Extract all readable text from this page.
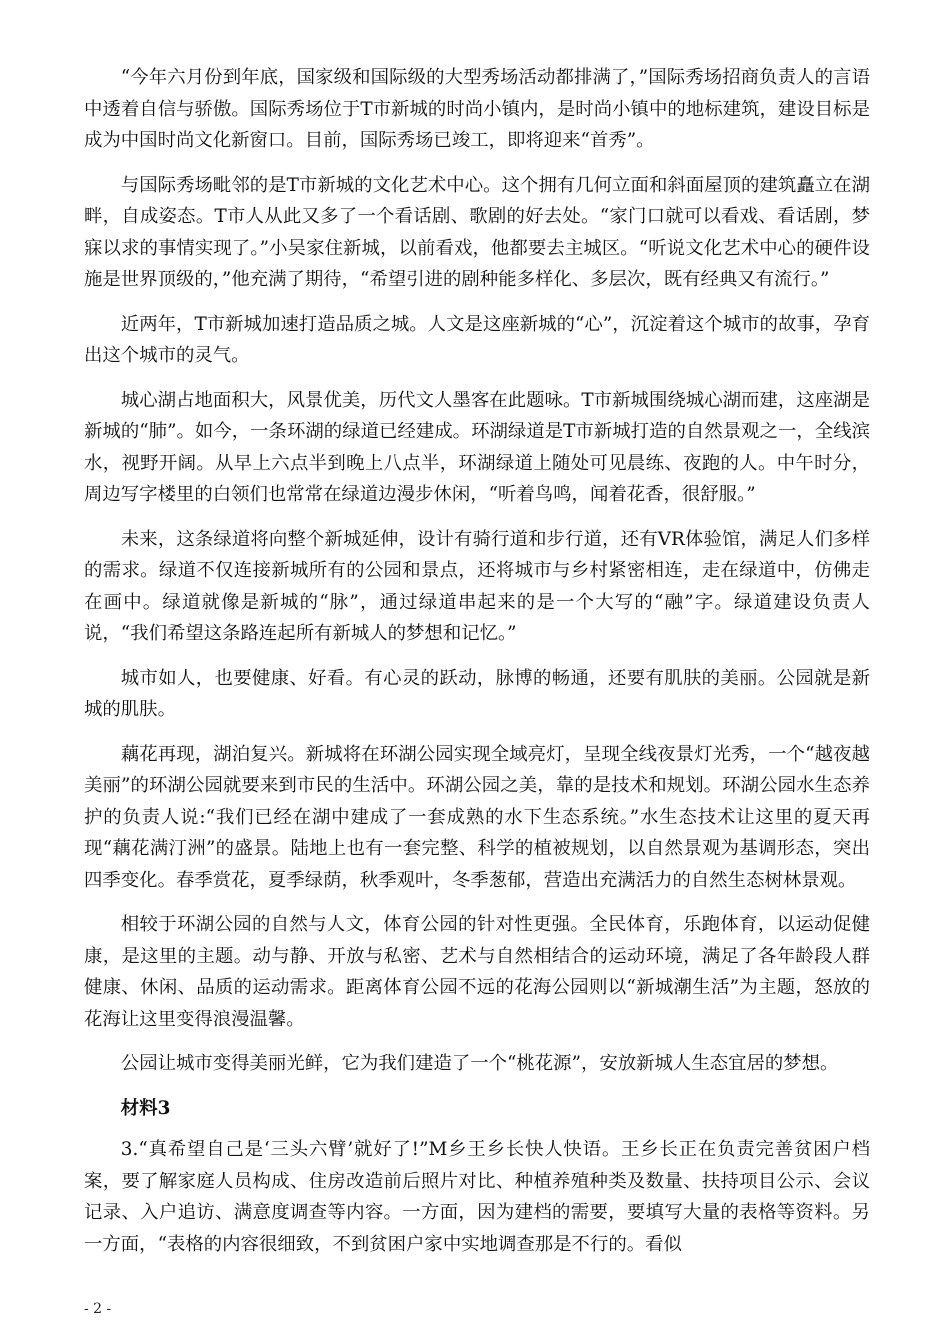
“今年六月份到年底，国家级和国际级的大型秀场活动都排满了，”国际秀场招商负责人的言语中透着自信与骄傲。国际秀场位于T市新城的时尚小镇内，是时尚小镇中的地标建筑，建设目标是成为中国时尚文化新窗口。目前，国际秀场已竣工，即将迎来“首秀”。

与国际秀场毗邻的是T市新城的文化艺术中心。这个拥有几何立面和斜面屋顶的建筑矗立在湖畔，自成姿态。T市人从此又多了一个看话剧、歌剧的好去处。“家门口就可以看戏、看话剧，梦寐以求的事情实现了。”小吴家住新城，以前看戏，他都要去主城区。“听说文化艺术中心的硬件设施是世界顶级的，”他充满了期待，“希望引进的剧种能多样化、多层次，既有经典又有流行。”

近两年，T市新城加速打造品质之城。人文是这座新城的“心”，沉淀着这个城市的故事，孕育出这个城市的灵气。

城心湖占地面积大，风景优美，历代文人墨客在此题咏。T市新城围绕城心湖而建，这座湖是新城的“肺”。如今，一条环湖的绿道已经建成。环湖绿道是T市新城打造的自然景观之一，全线滨水，视野开阔。从早上六点半到晚上八点半，环湖绿道上随处可见晨练、夜跑的人。中午时分，周边写字楼里的白领们也常常在绿道边漫步休闲，“听着鸟鸣，闻着花香，很舒服。”

未来，这条绿道将向整个新城延伸，设计有骑行道和步行道，还有VR体验馆，满足人们多样的需求。绿道不仅连接新城所有的公园和景点，还将城市与乡村紧密相连，走在绿道中，仿佛走在画中。绿道就像是新城的“脉”，通过绿道串起来的是一个大写的“融”字。绿道建设负责人说，“我们希望这条路连起所有新城人的梦想和记忆。”

城市如人，也要健康、好看。有心灵的跃动，脉博的畅通，还要有肌肤的美丽。公园就是新城的肌肤。

藕花再现，湖泊复兴。新城将在环湖公园实现全域亮灯，呈现全线夜景灯光秀，一个“越夜越美丽”的环湖公园就要来到市民的生活中。环湖公园之美，靠的是技术和规划。环湖公园水生态养护的负责人说:“我们已经在湖中建成了一套成熟的水下生态系统。”水生态技术让这里的夏天再现“藕花满汀洲”的盛景。陆地上也有一套完整、科学的植被规划，以自然景观为基调形态，突出四季变化。春季赏花，夏季绿荫，秋季观叶，冬季葱郁，营造出充满活力的自然生态树林景观。

相较于环湖公园的自然与人文，体育公园的针对性更强。全民体育，乐跑体育，以运动促健康，是这里的主题。动与静、开放与私密、艺术与自然相结合的运动环境，满足了各年龄段人群健康、休闲、品质的运动需求。距离体育公园不远的花海公园则以“新城潮生活”为主题，怒放的花海让这里变得浪漫温馨。

公园让城市变得美丽光鲜，它为我们建造了一个“桃花源”，安放新城人生态宜居的梦想。

材料3

3.“真希望自己是‘三头六臂’就好了!”M乡王乡长快人快语。王乡长正在负责完善贫困户档案，要了解家庭人员构成、住房改造前后照片对比、种植养殖种类及数量、扶持项目公示、会议记录、入户追访、满意度调查等内容。一方面，因为建档的需要，要填写大量的表格等资料。另一方面，“表格的内容很细致，不到贫困户家中实地调查那是不行的。看似

- 2 -
